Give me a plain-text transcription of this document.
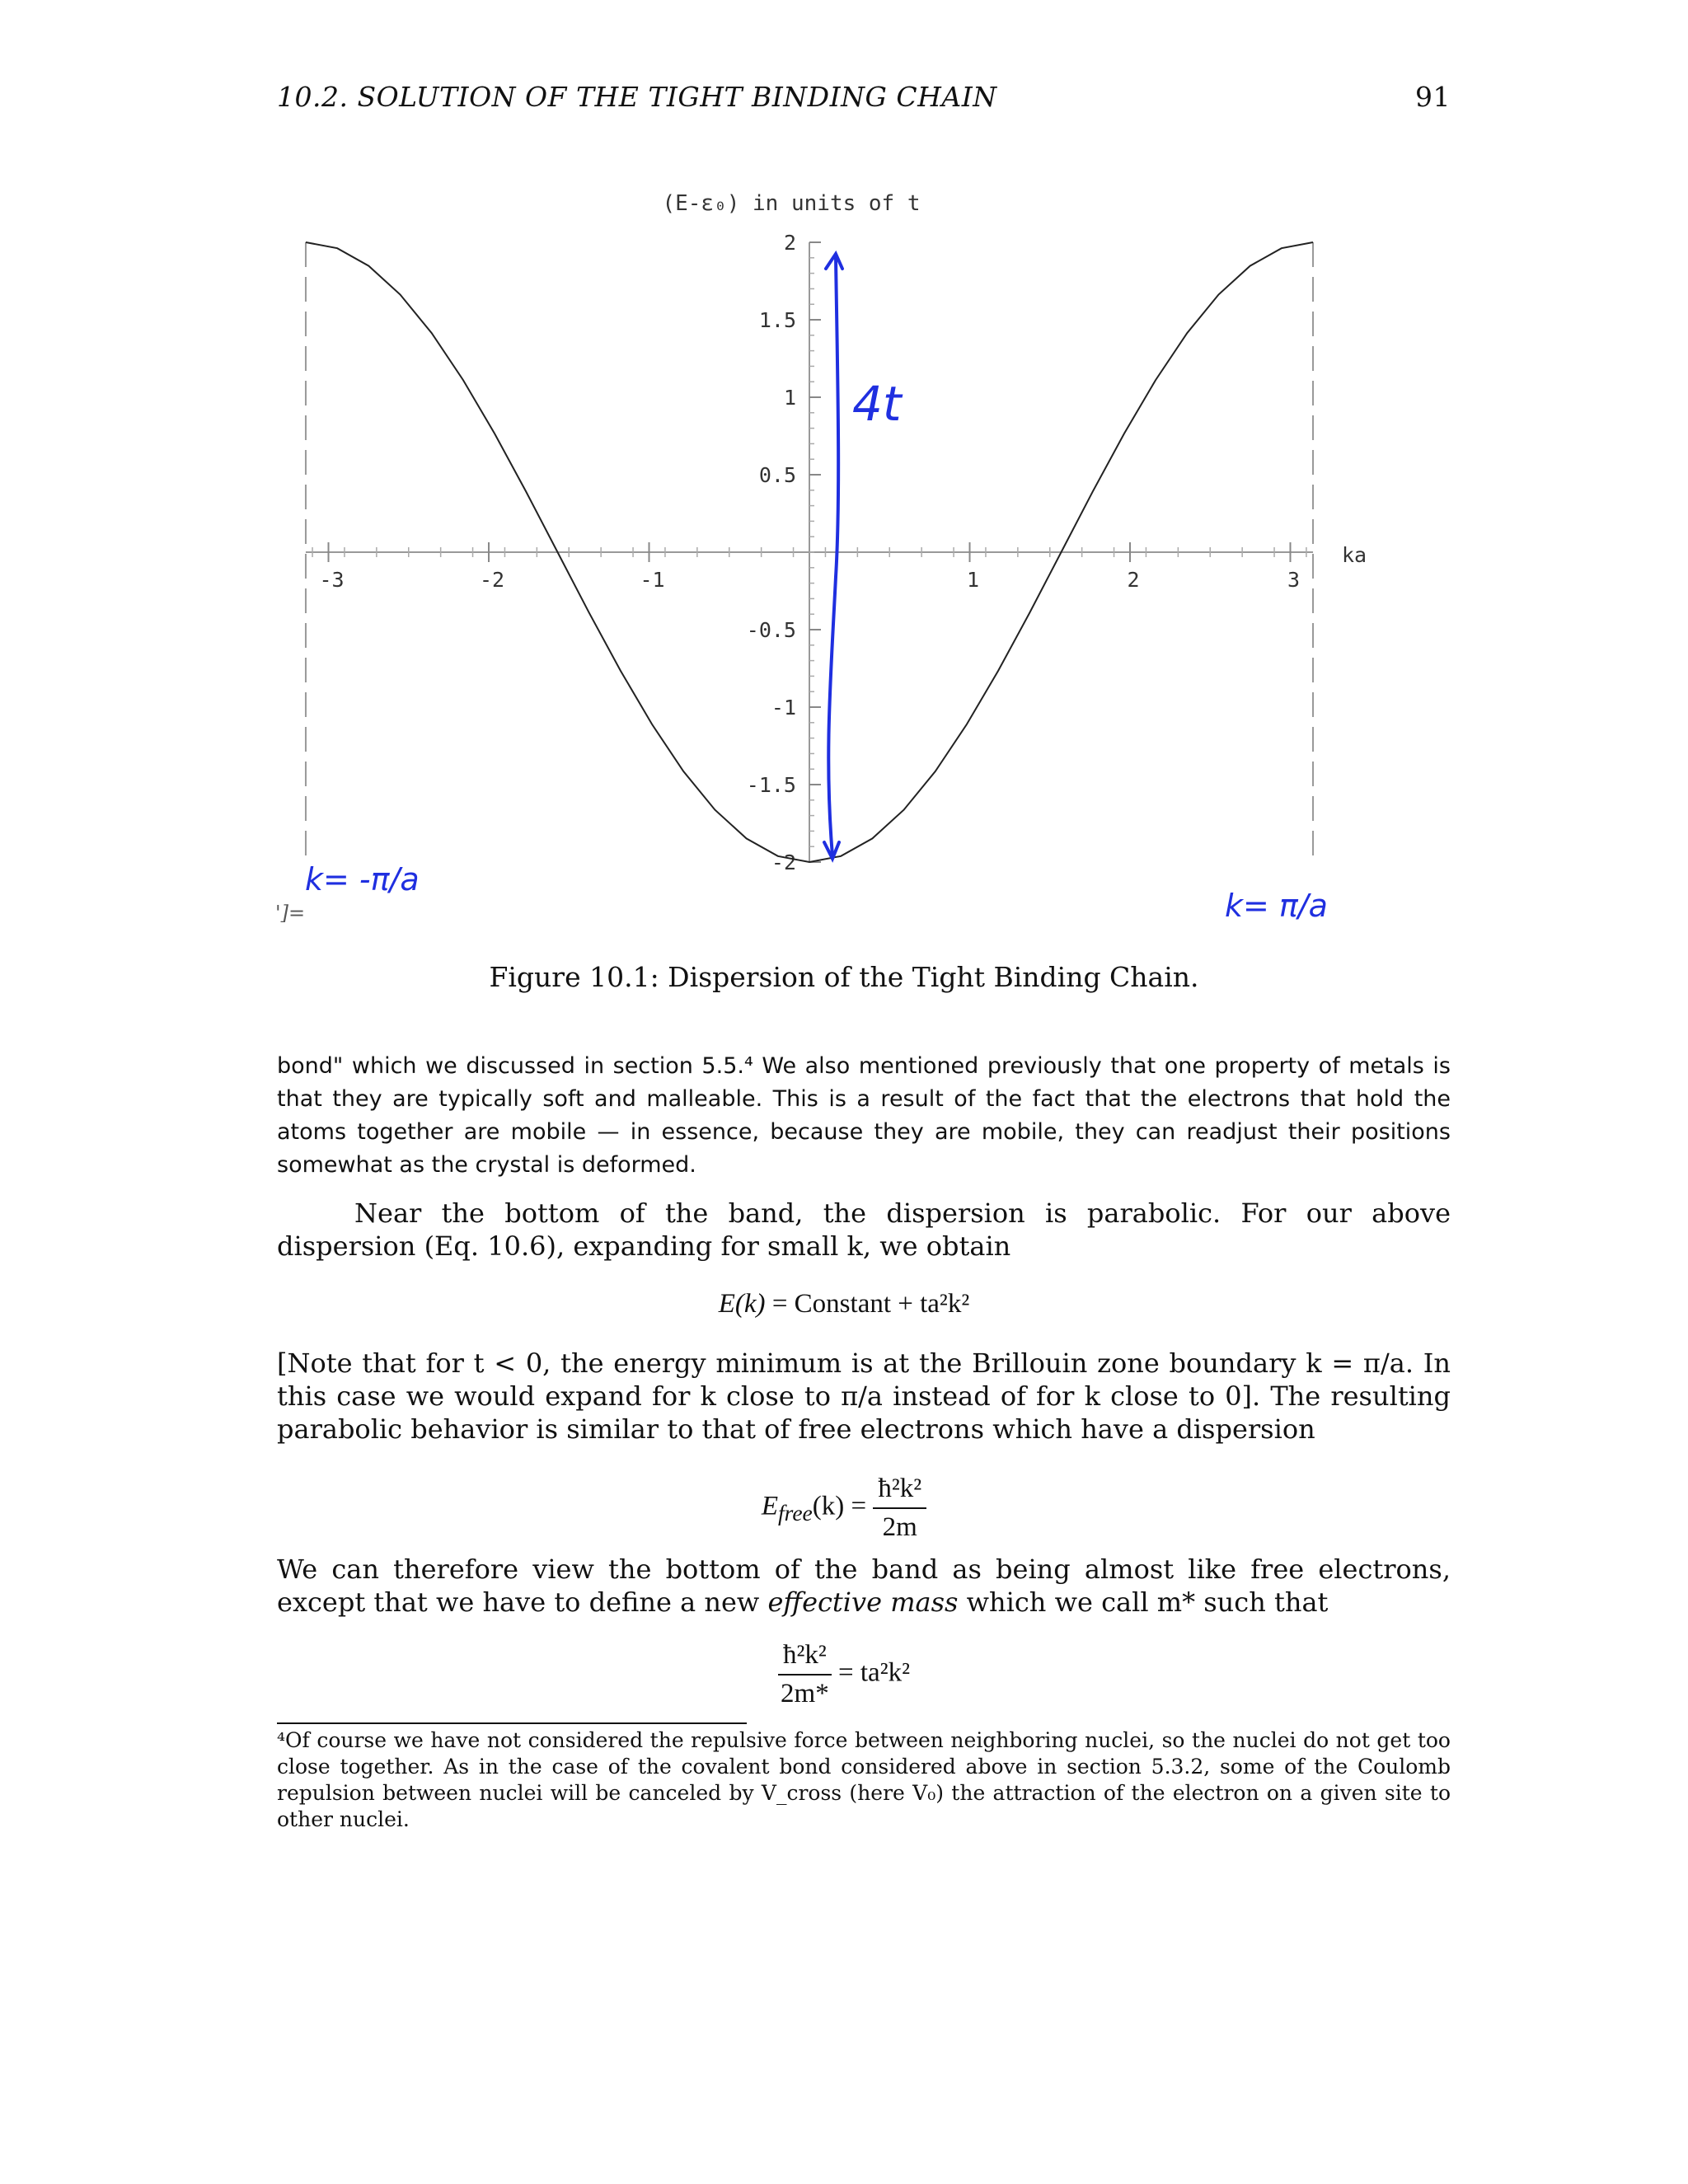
10.2. SOLUTION OF THE TIGHT BINDING CHAIN	91
-3	-2	-1	1	2	3
2
1.5
1
0.5
-0.5
-1
-1.5
-2
(E-ε₀) in units of t
ka
4t
k= -π/a
k= π/a
']=
Figure 10.1: Dispersion of the Tight Binding Chain.
bond" which we discussed in section 5.5.⁴ We also mentioned previously that one property of metals is that they are typically soft and malleable. This is a result of the fact that the electrons that hold the atoms together are mobile — in essence, because they are mobile, they can readjust their positions somewhat as the crystal is deformed.
Near the bottom of the band, the dispersion is parabolic. For our above dispersion (Eq. 10.6), expanding for small k, we obtain
E(k) = Constant + ta²k²
[Note that for t < 0, the energy minimum is at the Brillouin zone boundary k = π/a. In this case we would expand for k close to π/a instead of for k close to 0]. The resulting parabolic behavior is similar to that of free electrons which have a dispersion
$E_{free}(k) = \frac{\text{ħ²k²}}{2m}$
We can therefore view the bottom of the band as being almost like free electrons, except that we have to define a new effective mass which we call m* such that
$\frac{\text{ħ²k²}}{2m*} = ta^2k^2$
⁴Of course we have not considered the repulsive force between neighboring nuclei, so the nuclei do not get too close together. As in the case of the covalent bond considered above in section 5.3.2, some of the Coulomb repulsion between nuclei will be canceled by V_cross (here V₀) the attraction of the electron on a given site to other nuclei.
